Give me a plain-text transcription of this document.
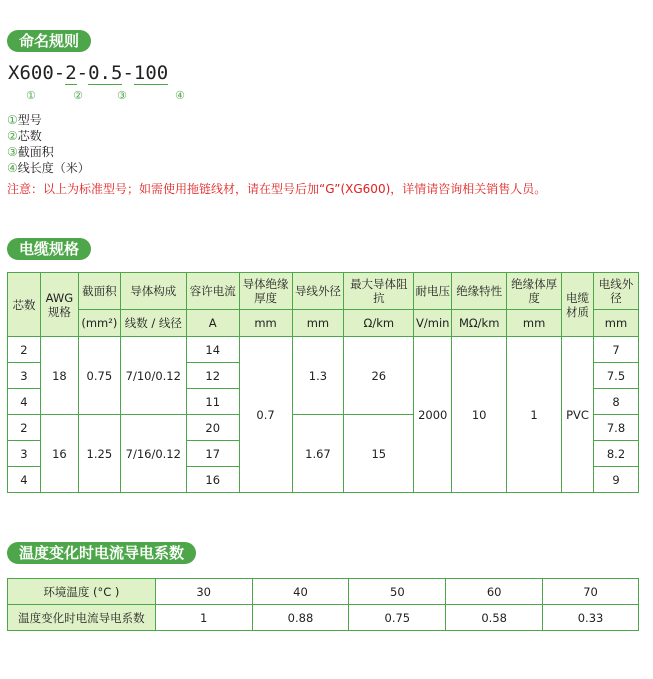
命名规则
X600-2-0.5-100
①	②	③	④
①型号
②芯数
③截面积
④线长度（米）
注意：以上为标准型号；如需使用拖链线材，请在型号后加“G”(XG600)，详情请咨询相关销售人员。
电缆规格
芯数	AWG规格	截面积	导体构成	容许电流	导体绝缘厚度	导线外径	最大导体阻抗	耐电压	绝缘特性	绝缘体厚度	电缆材质	电线外径
		(mm²)	线数 / 线径	A	mm	mm	Ω/km	V/min	MΩ/km	mm		mm
2	18	0.75	7/10/0.12	14	0.7	1.3	26	2000	10	1	PVC	7
3				12								7.5
4				11								8
2	16	1.25	7/16/0.12	20		1.67	15					7.8
3				17								8.2
4				16								9
温度变化时电流导电系数
环境温度 (°C )	30	40	50	60	70
温度变化时电流导电系数	1	0.88	0.75	0.58	0.33
